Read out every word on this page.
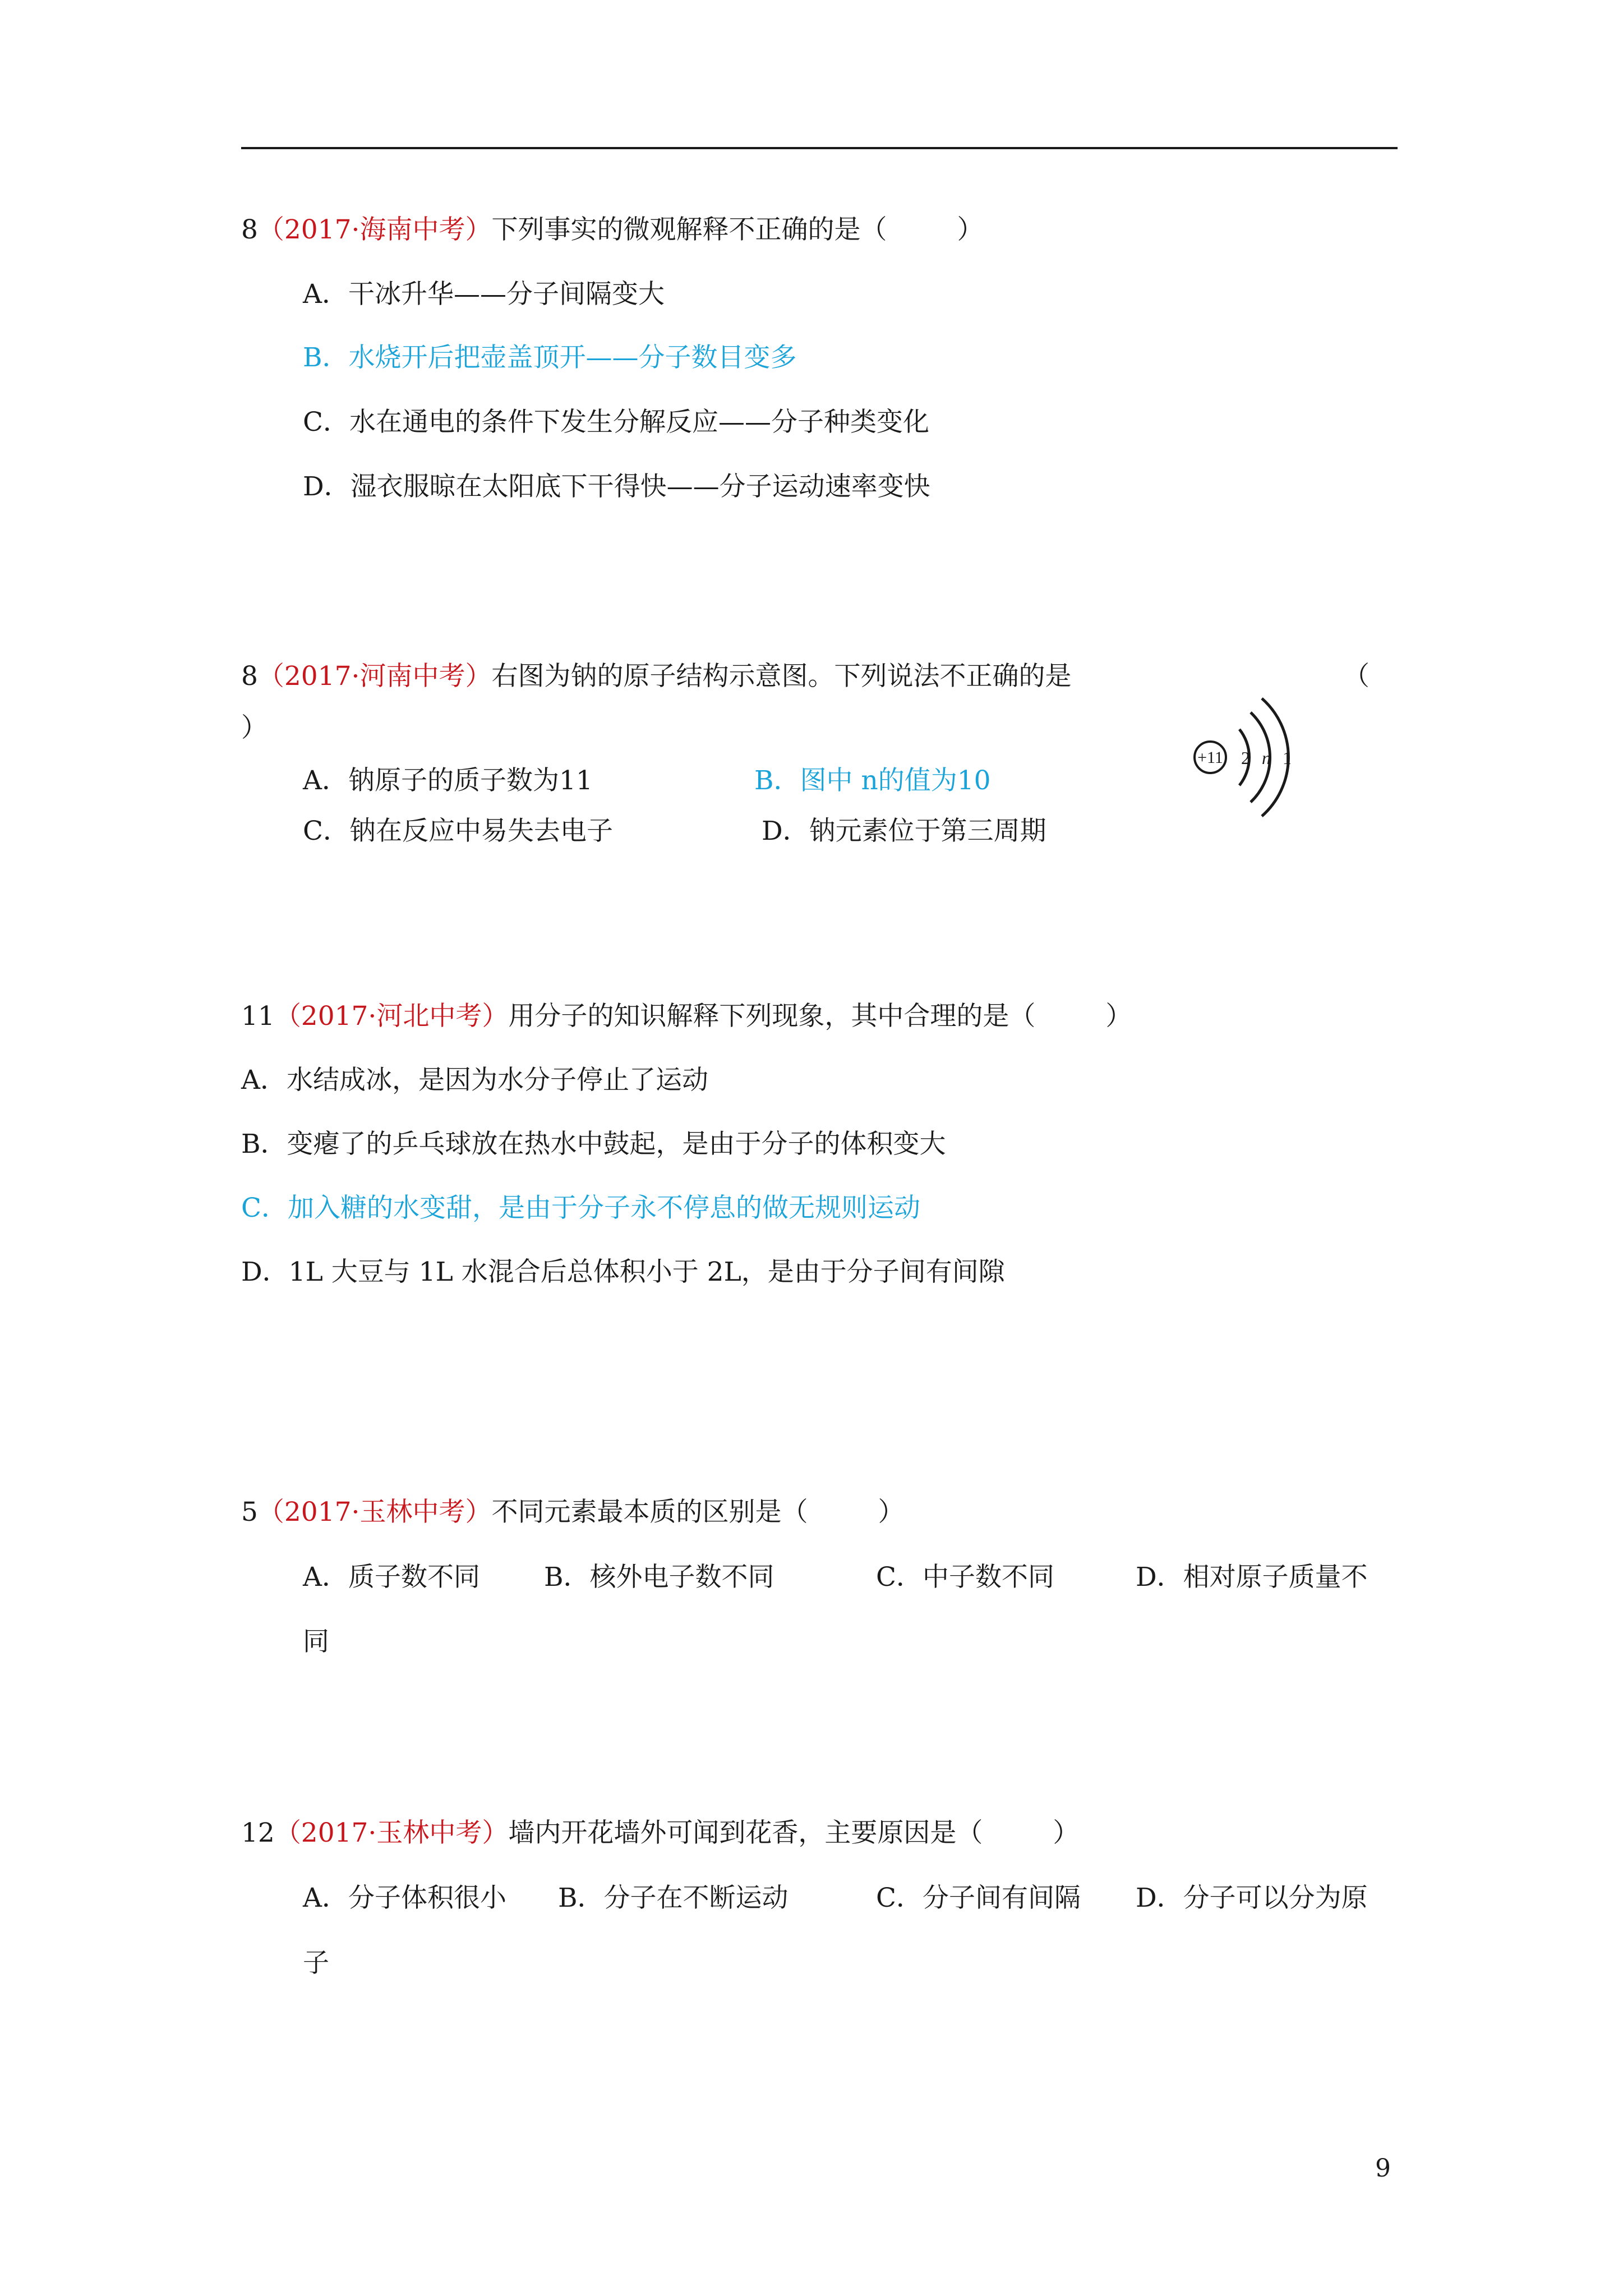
8（2017·海南中考）下列事实的微观解释不正确的是（	）
A．干冰升华——分子间隔变大
B．水烧开后把壶盖顶开——分子数目变多
C．水在通电的条件下发生分解反应——分子种类变化
D．湿衣服晾在太阳底下干得快——分子运动速率变快
8（2017·河南中考）右图为钠的原子结构示意图。下列说法不正确的是	（
）
A．钠原子的质子数为11	B．图中 n的值为10
C．钠在反应中易失去电子	D．钠元素位于第三周期
+11 2 n 1
11（2017·河北中考）用分子的知识解释下列现象，其中合理的是（	）
A．水结成冰，是因为水分子停止了运动
B．变瘪了的乒乓球放在热水中鼓起，是由于分子的体积变大
C．加入糖的水变甜，是由于分子永不停息的做无规则运动
D．1L 大豆与 1L 水混合后总体积小于 2L，是由于分子间有间隙
5（2017·玉林中考）不同元素最本质的区别是（	）
A．质子数不同 B．核外电子数不同	C．中子数不同	D．相对原子质量不
同
12（2017·玉林中考）墙内开花墙外可闻到花香，主要原因是（	）
A．分子体积很小 B．分子在不断运动	C．分子间有间隔 D．分子可以分为原
子
9
